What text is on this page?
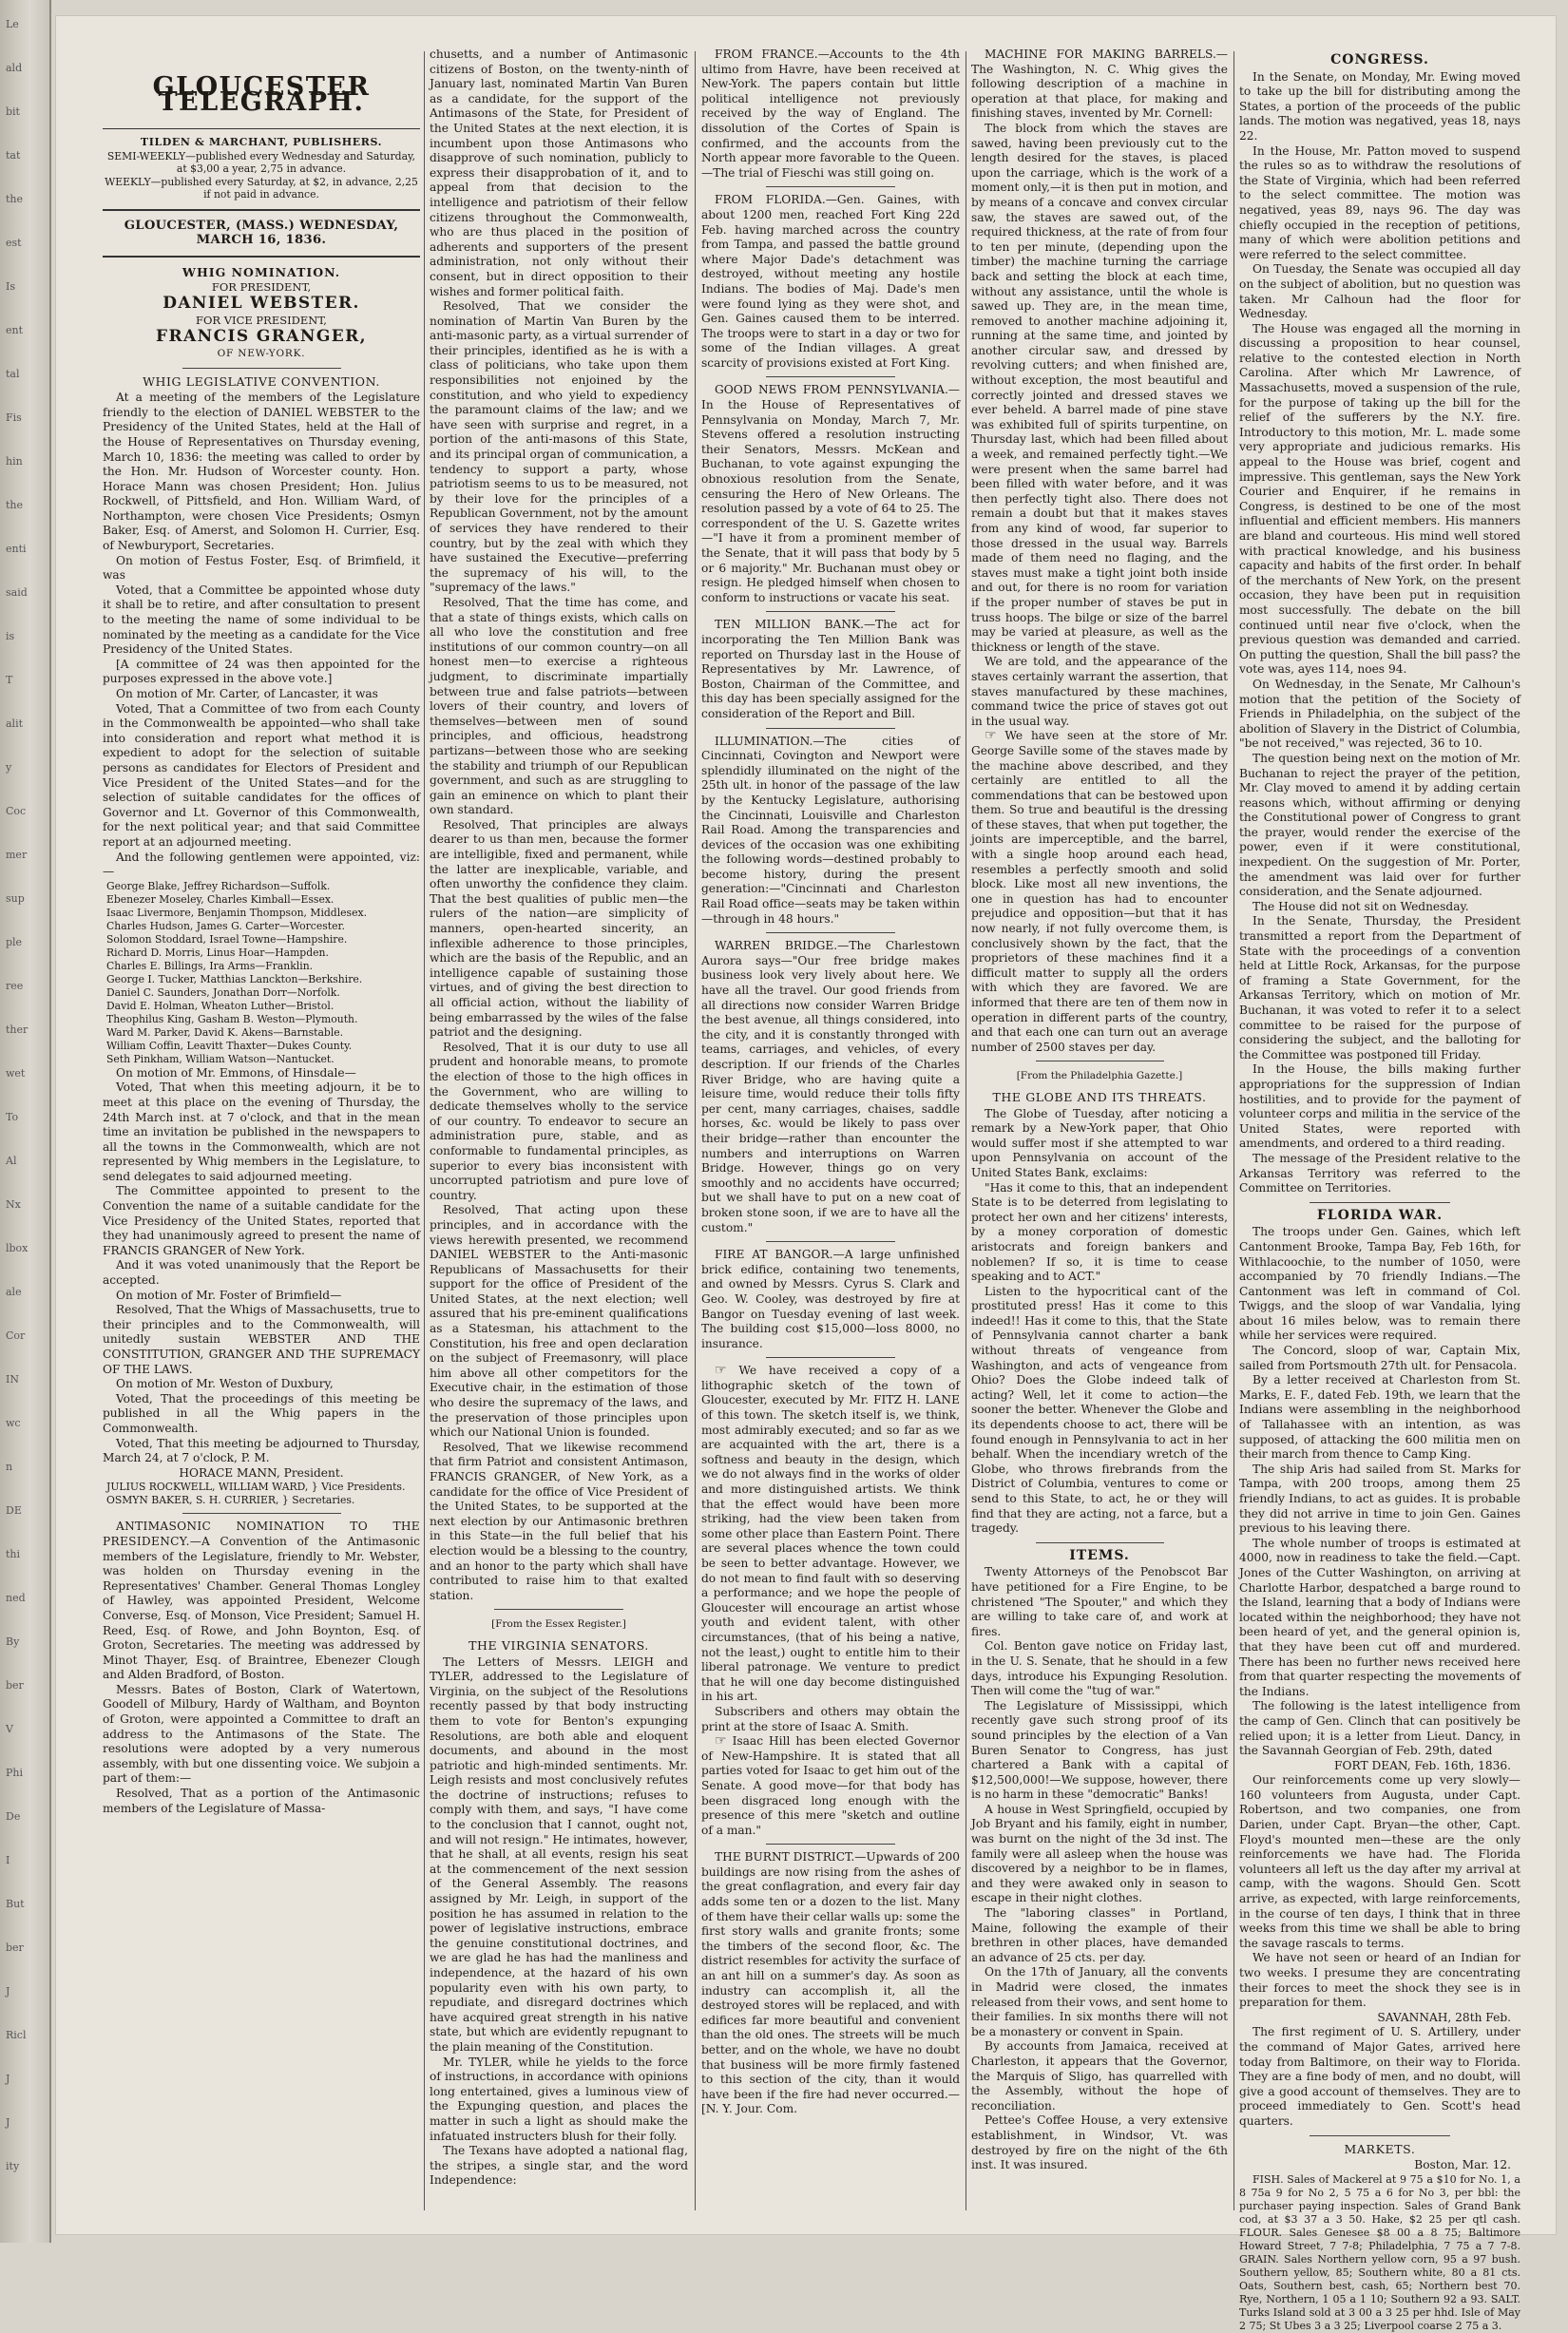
Le
ald
bit
tat
the
est
Is
ent
tal
Fis
hin
the
enti
said
is
T
alit
y
Coc
mer
sup
ple
ree
ther
wet
To
Al
Nx
lbox
ale
Cor
IN
wc
n
DE
thi
ned
By
ber
V
Phi
De
I
But
ber
J
Ricl
J
J
ity
GLOUCESTER TELEGRAPH.
TILDEN & MARCHANT, PUBLISHERS.
SEMI-WEEKLY—published every Wednesday and Saturday, at $3,00 a year, 2,75 in advance.
WEEKLY—published every Saturday, at $2, in advance, 2,25 if not paid in advance.
GLOUCESTER, (MASS.) WEDNESDAY, MARCH 16, 1836.
WHIG NOMINATION.
FOR PRESIDENT,
DANIEL WEBSTER.
FOR VICE PRESIDENT,
FRANCIS GRANGER,
OF NEW-YORK.
WHIG LEGISLATIVE CONVENTION.

At a meeting of the members of the Legislature friendly to the election of DANIEL WEBSTER to the Presidency of the United States, held at the Hall of the House of Representatives on Thursday evening, March 10, 1836: the meeting was called to order by the Hon. Mr. Hudson of Worcester county. Hon. Horace Mann was chosen President; Hon. Julius Rockwell, of Pittsfield, and Hon. William Ward, of Northampton, were chosen Vice Presidents; Osmyn Baker, Esq. of Amerst, and Solomon H. Currier, Esq. of Newburyport, Secretaries.

On motion of Festus Foster, Esq. of Brimfield, it was

Voted, that a Committee be appointed whose duty it shall be to retire, and after consultation to present to the meeting the name of some individual to be nominated by the meeting as a candidate for the Vice Presidency of the United States.

[A committee of 24 was then appointed for the purposes expressed in the above vote.]

On motion of Mr. Carter, of Lancaster, it was

Voted, That a Committee of two from each County in the Commonwealth be appointed—who shall take into consideration and report what method it is expedient to adopt for the selection of suitable persons as candidates for Electors of President and Vice President of the United States—and for the selection of suitable candidates for the offices of Governor and Lt. Governor of this Commonwealth, for the next political year; and that said Committee report at an adjourned meeting.

And the following gentlemen were appointed, viz:—

George Blake, Jeffrey Richardson—Suffolk.
Ebenezer Moseley, Charles Kimball—Essex.
Isaac Livermore, Benjamin Thompson, Middlesex.
Charles Hudson, James G. Carter—Worcester.
Solomon Stoddard, Israel Towne—Hampshire.
Richard D. Morris, Linus Hoar—Hampden.
Charles E. Billings, Ira Arms—Franklin.
George I. Tucker, Matthias Lanckton—Berkshire.
Daniel C. Saunders, Jonathan Dorr—Norfolk.
David E. Holman, Wheaton Luther—Bristol.
Theophilus King, Gasham B. Weston—Plymouth.
Ward M. Parker, David K. Akens—Barnstable.
William Coffin, Leavitt Thaxter—Dukes County.
Seth Pinkham, William Watson—Nantucket.

On motion of Mr. Emmons, of Hinsdale—

Voted, That when this meeting adjourn, it be to meet at this place on the evening of Thursday, the 24th March inst. at 7 o'clock, and that in the mean time an invitation be published in the newspapers to all the towns in the Commonwealth, which are not represented by Whig members in the Legislature, to send delegates to said adjourned meeting.

The Committee appointed to present to the Convention the name of a suitable candidate for the Vice Presidency of the United States, reported that they had unanimously agreed to present the name of FRANCIS GRANGER of New York.

And it was voted unanimously that the Report be accepted.

On motion of Mr. Foster of Brimfield—

Resolved, That the Whigs of Massachusetts, true to their principles and to the Commonwealth, will unitedly sustain WEBSTER AND THE CONSTITUTION, GRANGER AND THE SUPREMACY OF THE LAWS.

On motion of Mr. Weston of Duxbury,

Voted, That the proceedings of this meeting be published in all the Whig papers in the Commonwealth.

Voted, That this meeting be adjourned to Thursday, March 24, at 7 o'clock, P. M.

HORACE MANN, President.
JULIUS ROCKWELL, WILLIAM WARD, } Vice Presidents.
OSMYN BAKER, S. H. CURRIER, } Secretaries.

ANTIMASONIC NOMINATION TO THE PRESIDENCY.—A Convention of the Antimasonic members of the Legislature, friendly to Mr. Webster, was holden on Thursday evening in the Representatives' Chamber. General Thomas Longley of Hawley, was appointed President, Welcome Converse, Esq. of Monson, Vice President; Samuel H. Reed, Esq. of Rowe, and John Boynton, Esq. of Groton, Secretaries. The meeting was addressed by Minot Thayer, Esq. of Braintree, Ebenezer Clough and Alden Bradford, of Boston.

Messrs. Bates of Boston, Clark of Watertown, Goodell of Milbury, Hardy of Waltham, and Boynton of Groton, were appointed a Committee to draft an address to the Antimasons of the State. The resolutions were adopted by a very numerous assembly, with but one dissenting voice. We subjoin a part of them:—

Resolved, That as a portion of the Antimasonic members of the Legislature of Massa-

chusetts, and a number of Antimasonic citizens of Boston, on the twenty-ninth of January last, nominated Martin Van Buren as a candidate, for the support of the Antimasons of the State, for President of the United States at the next election, it is incumbent upon those Antimasons who disapprove of such nomination, publicly to express their disapprobation of it, and to appeal from that decision to the intelligence and patriotism of their fellow citizens throughout the Commonwealth, who are thus placed in the position of adherents and supporters of the present administration, not only without their consent, but in direct opposition to their wishes and former political faith.

Resolved, That we consider the nomination of Martin Van Buren by the anti-masonic party, as a virtual surrender of their principles, identified as he is with a class of politicians, who take upon them responsibilities not enjoined by the constitution, and who yield to expediency the paramount claims of the law; and we have seen with surprise and regret, in a portion of the anti-masons of this State, and its principal organ of communication, a tendency to support a party, whose patriotism seems to us to be measured, not by their love for the principles of a Republican Government, not by the amount of services they have rendered to their country, but by the zeal with which they have sustained the Executive—preferring the supremacy of his will, to the "supremacy of the laws."

Resolved, That the time has come, and that a state of things exists, which calls on all who love the constitution and free institutions of our common country—on all honest men—to exercise a righteous judgment, to discriminate impartially between true and false patriots—between lovers of their country, and lovers of themselves—between men of sound principles, and officious, headstrong partizans—between those who are seeking the stability and triumph of our Republican government, and such as are struggling to gain an eminence on which to plant their own standard.

Resolved, That principles are always dearer to us than men, because the former are intelligible, fixed and permanent, while the latter are inexplicable, variable, and often unworthy the confidence they claim. That the best qualities of public men—the rulers of the nation—are simplicity of manners, open-hearted sincerity, an inflexible adherence to those principles, which are the basis of the Republic, and an intelligence capable of sustaining those virtues, and of giving the best direction to all official action, without the liability of being embarrassed by the wiles of the false patriot and the designing.

Resolved, That it is our duty to use all prudent and honorable means, to promote the election of those to the high offices in the Government, who are willing to dedicate themselves wholly to the service of our country. To endeavor to secure an administration pure, stable, and as conformable to fundamental principles, as superior to every bias inconsistent with uncorrupted patriotism and pure love of country.

Resolved, That acting upon these principles, and in accordance with the views herewith presented, we recommend DANIEL WEBSTER to the Anti-masonic Republicans of Massachusetts for their support for the office of President of the United States, at the next election; well assured that his pre-eminent qualifications as a Statesman, his attachment to the Constitution, his free and open declaration on the subject of Freemasonry, will place him above all other competitors for the Executive chair, in the estimation of those who desire the supremacy of the laws, and the preservation of those principles upon which our National Union is founded.

Resolved, That we likewise recommend that firm Patriot and consistent Antimason, FRANCIS GRANGER, of New York, as a candidate for the office of Vice President of the United States, to be supported at the next election by our Antimasonic brethren in this State—in the full belief that his election would be a blessing to the country, and an honor to the party which shall have contributed to raise him to that exalted station.

[From the Essex Register.]
THE VIRGINIA SENATORS.

The Letters of Messrs. LEIGH and TYLER, addressed to the Legislature of Virginia, on the subject of the Resolutions recently passed by that body instructing them to vote for Benton's expunging Resolutions, are both able and eloquent documents, and abound in the most patriotic and high-minded sentiments. Mr. Leigh resists and most conclusively refutes the doctrine of instructions; refuses to comply with them, and says, "I have come to the conclusion that I cannot, ought not, and will not resign." He intimates, however, that he shall, at all events, resign his seat at the commencement of the next session of the General Assembly. The reasons assigned by Mr. Leigh, in support of the position he has assumed in relation to the power of legislative instructions, embrace the genuine constitutional doctrines, and we are glad he has had the manliness and independence, at the hazard of his own popularity even with his own party, to repudiate, and disregard doctrines which have acquired great strength in his native state, but which are evidently repugnant to the plain meaning of the Constitution.

Mr. TYLER, while he yields to the force of instructions, in accordance with opinions long entertained, gives a luminous view of the Expunging question, and places the matter in such a light as should make the infatuated instructers blush for their folly.

The Texans have adopted a national flag, the stripes, a single star, and the word Independence:

FROM FRANCE.—Accounts to the 4th ultimo from Havre, have been received at New-York. The papers contain but little political intelligence not previously received by the way of England. The dissolution of the Cortes of Spain is confirmed, and the accounts from the North appear more favorable to the Queen.—The trial of Fieschi was still going on.

FROM FLORIDA.—Gen. Gaines, with about 1200 men, reached Fort King 22d Feb. having marched across the country from Tampa, and passed the battle ground where Major Dade's detachment was destroyed, without meeting any hostile Indians. The bodies of Maj. Dade's men were found lying as they were shot, and Gen. Gaines caused them to be interred. The troops were to start in a day or two for some of the Indian villages. A great scarcity of provisions existed at Fort King.

GOOD NEWS FROM PENNSYLVANIA.—In the House of Representatives of Pennsylvania on Monday, March 7, Mr. Stevens offered a resolution instructing their Senators, Messrs. McKean and Buchanan, to vote against expunging the obnoxious resolution from the Senate, censuring the Hero of New Orleans. The resolution passed by a vote of 64 to 25. The correspondent of the U. S. Gazette writes—"I have it from a prominent member of the Senate, that it will pass that body by 5 or 6 majority." Mr. Buchanan must obey or resign. He pledged himself when chosen to conform to instructions or vacate his seat.

TEN MILLION BANK.—The act for incorporating the Ten Million Bank was reported on Thursday last in the House of Representatives by Mr. Lawrence, of Boston, Chairman of the Committee, and this day has been specially assigned for the consideration of the Report and Bill.

ILLUMINATION.—The cities of Cincinnati, Covington and Newport were splendidly illuminated on the night of the 25th ult. in honor of the passage of the law by the Kentucky Legislature, authorising the Cincinnati, Louisville and Charleston Rail Road. Among the transparencies and devices of the occasion was one exhibiting the following words—destined probably to become history, during the present generation:—"Cincinnati and Charleston Rail Road office—seats may be taken within—through in 48 hours."

WARREN BRIDGE.—The Charlestown Aurora says—"Our free bridge makes business look very lively about here. We have all the travel. Our good friends from all directions now consider Warren Bridge the best avenue, all things considered, into the city, and it is constantly thronged with teams, carriages, and vehicles, of every description. If our friends of the Charles River Bridge, who are having quite a leisure time, would reduce their tolls fifty per cent, many carriages, chaises, saddle horses, &c. would be likely to pass over their bridge—rather than encounter the numbers and interruptions on Warren Bridge. However, things go on very smoothly and no accidents have occurred; but we shall have to put on a new coat of broken stone soon, if we are to have all the custom."

FIRE AT BANGOR.—A large unfinished brick edifice, containing two tenements, and owned by Messrs. Cyrus S. Clark and Geo. W. Cooley, was destroyed by fire at Bangor on Tuesday evening of last week. The building cost $15,000—loss 8000, no insurance.

☞ We have received a copy of a lithographic sketch of the town of Gloucester, executed by Mr. FITZ H. LANE of this town. The sketch itself is, we think, most admirably executed; and so far as we are acquainted with the art, there is a softness and beauty in the design, which we do not always find in the works of older and more distinguished artists. We think that the effect would have been more striking, had the view been taken from some other place than Eastern Point. There are several places whence the town could be seen to better advantage. However, we do not mean to find fault with so deserving a performance; and we hope the people of Gloucester will encourage an artist whose youth and evident talent, with other circumstances, (that of his being a native, not the least,) ought to entitle him to their liberal patronage. We venture to predict that he will one day become distinguished in his art.

Subscribers and others may obtain the print at the store of Isaac A. Smith.

☞ Isaac Hill has been elected Governor of New-Hampshire. It is stated that all parties voted for Isaac to get him out of the Senate. A good move—for that body has been disgraced long enough with the presence of this mere "sketch and outline of a man."

THE BURNT DISTRICT.—Upwards of 200 buildings are now rising from the ashes of the great conflagration, and every fair day adds some ten or a dozen to the list. Many of them have their cellar walls up: some the first story walls and granite fronts; some the timbers of the second floor, &c. The district resembles for activity the surface of an ant hill on a summer's day. As soon as industry can accomplish it, all the destroyed stores will be replaced, and with edifices far more beautiful and convenient than the old ones. The streets will be much better, and on the whole, we have no doubt that business will be more firmly fastened to this section of the city, than it would have been if the fire had never occurred.—[N. Y. Jour. Com.

MACHINE FOR MAKING BARRELS.—The Washington, N. C. Whig gives the following description of a machine in operation at that place, for making and finishing staves, invented by Mr. Cornell:

The block from which the staves are sawed, having been previously cut to the length desired for the staves, is placed upon the carriage, which is the work of a moment only,—it is then put in motion, and by means of a concave and convex circular saw, the staves are sawed out, of the required thickness, at the rate of from four to ten per minute, (depending upon the timber) the machine turning the carriage back and setting the block at each time, without any assistance, until the whole is sawed up. They are, in the mean time, removed to another machine adjoining it, running at the same time, and jointed by another circular saw, and dressed by revolving cutters; and when finished are, without exception, the most beautiful and correctly jointed and dressed staves we ever beheld. A barrel made of pine stave was exhibited full of spirits turpentine, on Thursday last, which had been filled about a week, and remained perfectly tight.—We were present when the same barrel had been filled with water before, and it was then perfectly tight also. There does not remain a doubt but that it makes staves from any kind of wood, far superior to those dressed in the usual way. Barrels made of them need no flaging, and the staves must make a tight joint both inside and out, for there is no room for variation if the proper number of staves be put in truss hoops. The bilge or size of the barrel may be varied at pleasure, as well as the thickness or length of the stave.

We are told, and the appearance of the staves certainly warrant the assertion, that staves manufactured by these machines, command twice the price of staves got out in the usual way.

☞ We have seen at the store of Mr. George Saville some of the staves made by the machine above described, and they certainly are entitled to all the commendations that can be bestowed upon them. So true and beautiful is the dressing of these staves, that when put together, the joints are imperceptible, and the barrel, with a single hoop around each head, resembles a perfectly smooth and solid block. Like most all new inventions, the one in question has had to encounter prejudice and opposition—but that it has now nearly, if not fully overcome them, is conclusively shown by the fact, that the proprietors of these machines find it a difficult matter to supply all the orders with which they are favored. We are informed that there are ten of them now in operation in different parts of the country, and that each one can turn out an average number of 2500 staves per day.

[From the Philadelphia Gazette.]
THE GLOBE AND ITS THREATS.

The Globe of Tuesday, after noticing a remark by a New-York paper, that Ohio would suffer most if she attempted to war upon Pennsylvania on account of the United States Bank, exclaims:

"Has it come to this, that an independent State is to be deterred from legislating to protect her own and her citizens' interests, by a money corporation of domestic aristocrats and foreign bankers and noblemen? If so, it is time to cease speaking and to ACT."

Listen to the hypocritical cant of the prostituted press! Has it come to this indeed!! Has it come to this, that the State of Pennsylvania cannot charter a bank without threats of vengeance from Washington, and acts of vengeance from Ohio? Does the Globe indeed talk of acting? Well, let it come to action—the sooner the better. Whenever the Globe and its dependents choose to act, there will be found enough in Pennsylvania to act in her behalf. When the incendiary wretch of the Globe, who throws firebrands from the District of Columbia, ventures to come or send to this State, to act, he or they will find that they are acting, not a farce, but a tragedy.

ITEMS.

Twenty Attorneys of the Penobscot Bar have petitioned for a Fire Engine, to be christened "The Spouter," and which they are willing to take care of, and work at fires.

Col. Benton gave notice on Friday last, in the U. S. Senate, that he should in a few days, introduce his Expunging Resolution. Then will come the "tug of war."

The Legislature of Mississippi, which recently gave such strong proof of its sound principles by the election of a Van Buren Senator to Congress, has just chartered a Bank with a capital of $12,500,000!—We suppose, however, there is no harm in these "democratic" Banks!

A house in West Springfield, occupied by Job Bryant and his family, eight in number, was burnt on the night of the 3d inst. The family were all asleep when the house was discovered by a neighbor to be in flames, and they were awaked only in season to escape in their night clothes.

The "laboring classes" in Portland, Maine, following the example of their brethren in other places, have demanded an advance of 25 cts. per day.

On the 17th of January, all the convents in Madrid were closed, the inmates released from their vows, and sent home to their families. In six months there will not be a monastery or convent in Spain.

By accounts from Jamaica, received at Charleston, it appears that the Governor, the Marquis of Sligo, has quarrelled with the Assembly, without the hope of reconciliation.

Pettee's Coffee House, a very extensive establishment, in Windsor, Vt. was destroyed by fire on the night of the 6th inst. It was insured.

CONGRESS.

In the Senate, on Monday, Mr. Ewing moved to take up the bill for distributing among the States, a portion of the proceeds of the public lands. The motion was negatived, yeas 18, nays 22.

In the House, Mr. Patton moved to suspend the rules so as to withdraw the resolutions of the State of Virginia, which had been referred to the select committee. The motion was negatived, yeas 89, nays 96. The day was chiefly occupied in the reception of petitions, many of which were abolition petitions and were referred to the select committee.

On Tuesday, the Senate was occupied all day on the subject of abolition, but no question was taken. Mr Calhoun had the floor for Wednesday.

The House was engaged all the morning in discussing a proposition to hear counsel, relative to the contested election in North Carolina. After which Mr Lawrence, of Massachusetts, moved a suspension of the rule, for the purpose of taking up the bill for the relief of the sufferers by the N.Y. fire. Introductory to this motion, Mr. L. made some very appropriate and judicious remarks. His appeal to the House was brief, cogent and impressive. This gentleman, says the New York Courier and Enquirer, if he remains in Congress, is destined to be one of the most influential and efficient members. His manners are bland and courteous. His mind well stored with practical knowledge, and his business capacity and habits of the first order. In behalf of the merchants of New York, on the present occasion, they have been put in requisition most successfully. The debate on the bill continued until near five o'clock, when the previous question was demanded and carried. On putting the question, Shall the bill pass? the vote was, ayes 114, noes 94.

On Wednesday, in the Senate, Mr Calhoun's motion that the petition of the Society of Friends in Philadelphia, on the subject of the abolition of Slavery in the District of Columbia, "be not received," was rejected, 36 to 10.

The question being next on the motion of Mr. Buchanan to reject the prayer of the petition, Mr. Clay moved to amend it by adding certain reasons which, without affirming or denying the Constitutional power of Congress to grant the prayer, would render the exercise of the power, even if it were constitutional, inexpedient. On the suggestion of Mr. Porter, the amendment was laid over for further consideration, and the Senate adjourned.

The House did not sit on Wednesday.

In the Senate, Thursday, the President transmitted a report from the Department of State with the proceedings of a convention held at Little Rock, Arkansas, for the purpose of framing a State Government, for the Arkansas Territory, which on motion of Mr. Buchanan, it was voted to refer it to a select committee to be raised for the purpose of considering the subject, and the balloting for the Committee was postponed till Friday.

In the House, the bills making further appropriations for the suppression of Indian hostilities, and to provide for the payment of volunteer corps and militia in the service of the United States, were reported with amendments, and ordered to a third reading.

The message of the President relative to the Arkansas Territory was referred to the Committee on Territories.

FLORIDA WAR.

The troops under Gen. Gaines, which left Cantonment Brooke, Tampa Bay, Feb 16th, for Withlacoochie, to the number of 1050, were accompanied by 70 friendly Indians.—The Cantonment was left in command of Col. Twiggs, and the sloop of war Vandalia, lying about 16 miles below, was to remain there while her services were required.

The Concord, sloop of war, Captain Mix, sailed from Portsmouth 27th ult. for Pensacola.

By a letter received at Charleston from St. Marks, E. F., dated Feb. 19th, we learn that the Indians were assembling in the neighborhood of Tallahassee with an intention, as was supposed, of attacking the 600 militia men on their march from thence to Camp King.

The ship Aris had sailed from St. Marks for Tampa, with 200 troops, among them 25 friendly Indians, to act as guides. It is probable they did not arrive in time to join Gen. Gaines previous to his leaving there.

The whole number of troops is estimated at 4000, now in readiness to take the field.—Capt. Jones of the Cutter Washington, on arriving at Charlotte Harbor, despatched a barge round to the Island, learning that a body of Indians were located within the neighborhood; they have not been heard of yet, and the general opinion is, that they have been cut off and murdered. There has been no further news received here from that quarter respecting the movements of the Indians.

The following is the latest intelligence from the camp of Gen. Clinch that can positively be relied upon; it is a letter from Lieut. Dancy, in the Savannah Georgian of Feb. 29th, dated

FORT DEAN, Feb. 16th, 1836.

Our reinforcements come up very slowly—160 volunteers from Augusta, under Capt. Robertson, and two companies, one from Darien, under Capt. Bryan—the other, Capt. Floyd's mounted men—these are the only reinforcements we have had. The Florida volunteers all left us the day after my arrival at camp, with the wagons. Should Gen. Scott arrive, as expected, with large reinforcements, in the course of ten days, I think that in three weeks from this time we shall be able to bring the savage rascals to terms.

We have not seen or heard of an Indian for two weeks. I presume they are concentrating their forces to meet the shock they see is in preparation for them.

SAVANNAH, 28th Feb.

The first regiment of U. S. Artillery, under the command of Major Gates, arrived here today from Baltimore, on their way to Florida. They are a fine body of men, and no doubt, will give a good account of themselves. They are to proceed immediately to Gen. Scott's head quarters.

MARKETS.
Boston, Mar. 12.

FISH. Sales of Mackerel at 9 75 a $10 for No. 1, a 8 75a 9 for No 2, 5 75 a 6 for No 3, per bbl: the purchaser paying inspection. Sales of Grand Bank cod, at $3 37 a 3 50. Hake, $2 25 per qtl cash. FLOUR. Sales Genesee $8 00 a 8 75; Baltimore Howard Street, 7 7-8; Philadelphia, 7 75 a 7 7-8. GRAIN. Sales Northern yellow corn, 95 a 97 bush. Southern yellow, 85; Southern white, 80 a 81 cts. Oats, Southern best, cash, 65; Northern best 70. Rye, Northern, 1 05 a 1 10; Southern 92 a 93. SALT. Turks Island sold at 3 00 a 3 25 per hhd. Isle of May 2 75; St Ubes 3 a 3 25; Liverpool coarse 2 75 a 3.
